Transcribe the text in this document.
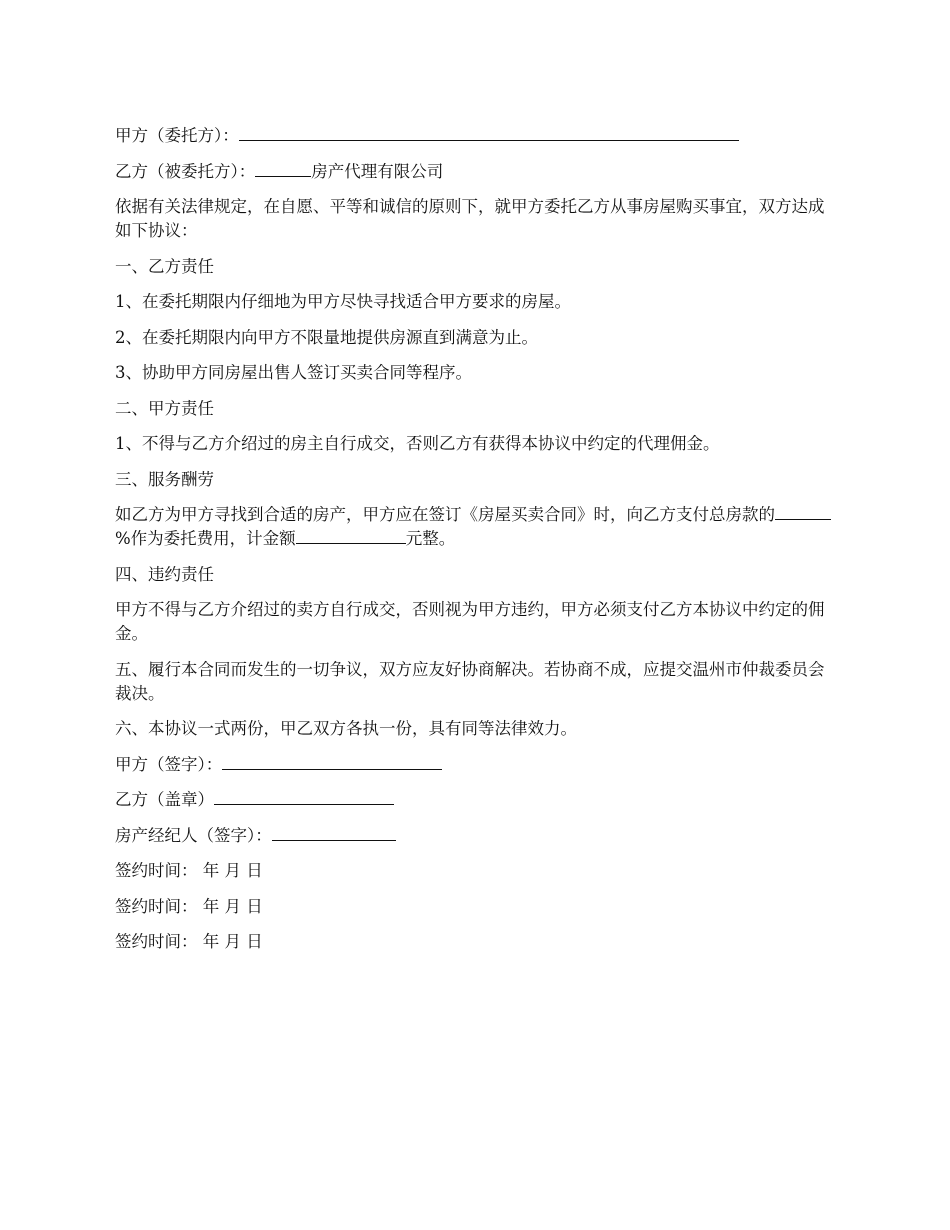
甲方（委托方）：

乙方（被委托方）：	房产代理有限公司

依据有关法律规定，在自愿、平等和诚信的原则下，就甲方委托乙方从事房屋购买事宜，双方达成如下协议：

一、乙方责任

1、在委托期限内仔细地为甲方尽快寻找适合甲方要求的房屋。

2、在委托期限内向甲方不限量地提供房源直到满意为止。

3、协助甲方同房屋出售人签订买卖合同等程序。

二、甲方责任

1、不得与乙方介绍过的房主自行成交，否则乙方有获得本协议中约定的代理佣金。

三、服务酬劳

如乙方为甲方寻找到合适的房产，甲方应在签订《房屋买卖合同》时，向乙方支付总房款的%作为委托费用，计金额	元整。

四、违约责任

甲方不得与乙方介绍过的卖方自行成交，否则视为甲方违约，甲方必须支付乙方本协议中约定的佣金。

五、履行本合同而发生的一切争议，双方应友好协商解决。若协商不成，应提交温州市仲裁委员会裁决。

六、本协议一式两份，甲乙双方各执一份，具有同等法律效力。

甲方（签字）：

乙方（盖章）

房产经纪人（签字）：

签约时间： 年 月 日

签约时间： 年 月 日

签约时间： 年 月 日
